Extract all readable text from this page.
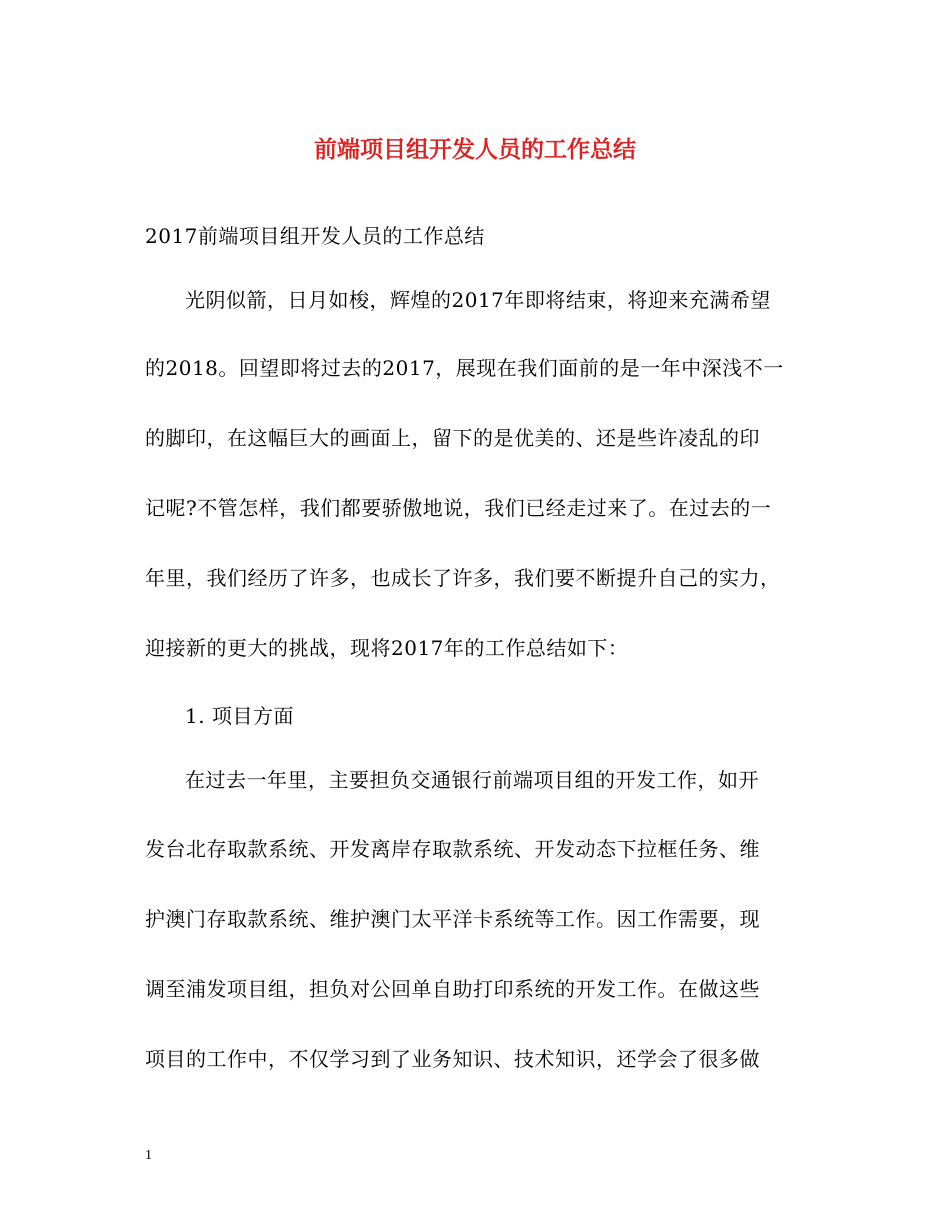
前端项目组开发人员的工作总结
2017前端项目组开发人员的工作总结
光阴似箭，日月如梭，辉煌的2017年即将结束，将迎来充满希望
的2018。回望即将过去的2017，展现在我们面前的是一年中深浅不一
的脚印，在这幅巨大的画面上，留下的是优美的、还是些许凌乱的印
记呢?不管怎样，我们都要骄傲地说，我们已经走过来了。在过去的一
年里，我们经历了许多，也成长了许多，我们要不断提升自己的实力，
迎接新的更大的挑战，现将2017年的工作总结如下：
1. 项目方面
在过去一年里，主要担负交通银行前端项目组的开发工作，如开
发台北存取款系统、开发离岸存取款系统、开发动态下拉框任务、维
护澳门存取款系统、维护澳门太平洋卡系统等工作。因工作需要，现
调至浦发项目组，担负对公回单自助打印系统的开发工作。在做这些
项目的工作中，不仅学习到了业务知识、技术知识，还学会了很多做
1
